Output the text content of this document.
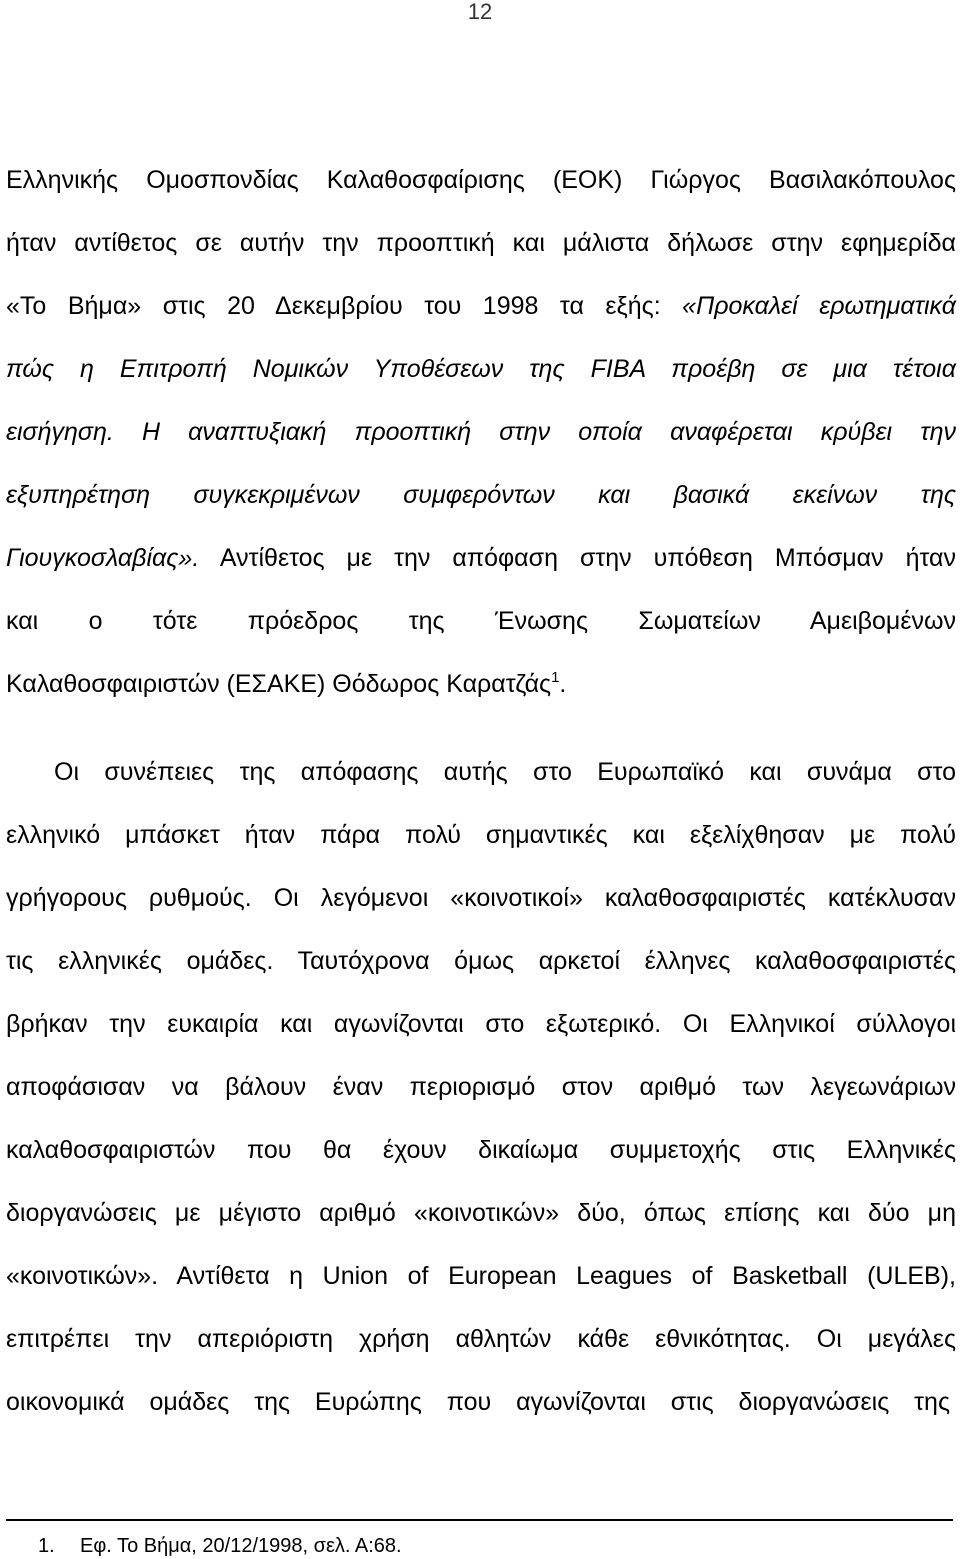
12
Ελληνικής Ομοσπονδίας Καλαθοσφαίρισης (ΕΟΚ) Γιώργος Βασιλακόπουλος
ήταν αντίθετος σε αυτήν την προοπτική και μάλιστα δήλωσε στην εφημερίδα
«Το Βήμα» στις 20 Δεκεμβρίου του 1998 τα εξής: «Προκαλεί ερωτηματικά
πώς η Επιτροπή Νομικών Υποθέσεων της FIBA προέβη σε μια τέτοια
εισήγηση. Η αναπτυξιακή προοπτική στην οποία αναφέρεται κρύβει την
εξυπηρέτηση συγκεκριμένων συμφερόντων και βασικά εκείνων της
Γιουγκοσλαβίας». Αντίθετος με την απόφαση στην υπόθεση Μπόσμαν ήταν
και ο τότε πρόεδρος της Ένωσης Σωματείων Αμειβομένων
Καλαθοσφαιριστών (ΕΣΑΚΕ) Θόδωρος Καρατζάς$^1$.
Οι συνέπειες της απόφασης αυτής στο Ευρωπαϊκό και συνάμα στο
ελληνικό μπάσκετ ήταν πάρα πολύ σημαντικές και εξελίχθησαν με πολύ
γρήγορους ρυθμούς. Οι λεγόμενοι «κοινοτικοί» καλαθοσφαιριστές κατέκλυσαν
τις ελληνικές ομάδες. Ταυτόχρονα όμως αρκετοί έλληνες καλαθοσφαιριστές
βρήκαν την ευκαιρία και αγωνίζονται στο εξωτερικό. Οι Ελληνικοί σύλλογοι
αποφάσισαν να βάλουν έναν περιορισμό στον αριθμό των λεγεωνάριων
καλαθοσφαιριστών που θα έχουν δικαίωμα συμμετοχής στις Ελληνικές
διοργανώσεις με μέγιστο αριθμό «κοινοτικών» δύο, όπως επίσης και δύο μη
«κοινοτικών». Αντίθετα η Union of European Leagues of Basketball (ULEB),
επιτρέπει την απεριόριστη χρήση αθλητών κάθε εθνικότητας. Οι μεγάλες
οικονομικά ομάδες της Ευρώπης που αγωνίζονται στις διοργανώσεις της
1. Εφ. Το Βήμα, 20/12/1998, σελ. Α:68.
